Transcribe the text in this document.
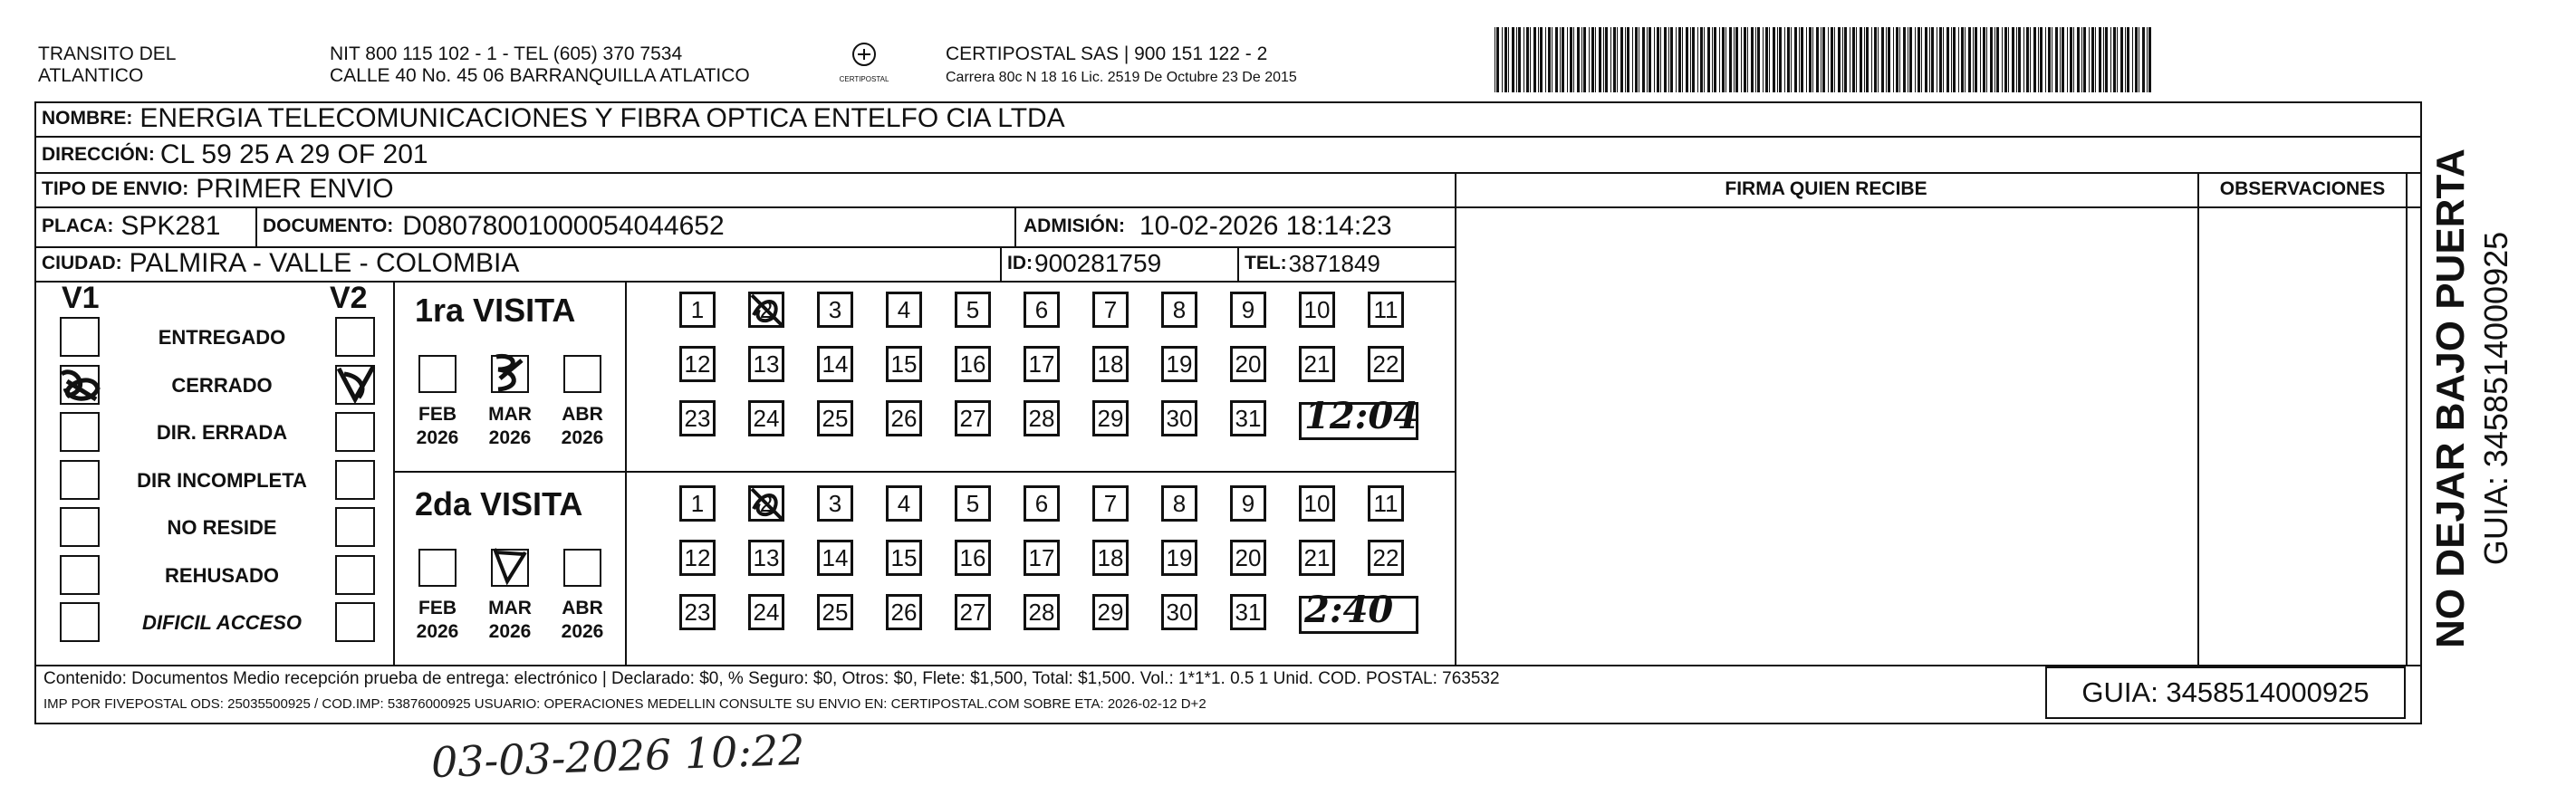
TRANSITO DEL
ATLANTICO
NIT 800 115 102 - 1 - TEL (605) 370 7534
CALLE 40 No. 45 06 BARRANQUILLA ATLATICO	CERTIPOSTAL
CERTIPOSTAL SAS | 900 151 122 - 2
Carrera 80c N 18 16 Lic. 2519 De Octubre 23 De 2015
NOMBRE: ENERGIA TELECOMUNICACIONES Y FIBRA OPTICA ENTELFO CIA LTDA
DIRECCIÓN: CL 59 25 A 29 OF 201
TIPO DE ENVIO: PRIMER ENVIO	FIRMA QUIEN RECIBE	OBSERVACIONES
PLACA: SPK281 DOCUMENTO: D08078001000054044652	ADMISIÓN: 10-02-2026 18:14:23
CIUDAD: PALMIRA - VALLE - COLOMBIA	ID: 900281759	TEL: 3871849
V1	V2
ENTREGADO
CERRADO
DIR. ERRADA
DIR INCOMPLETA
NO RESIDE
REHUSADO
DIFICIL ACCESO
1ra VISITA
FEB
2026
MAR
2026
ABR
2026
1	2	3	4	5	6	7	8	9	10 11
12 13 14 15 16 17 18 19 20 21 22
23 24 25 26 27 28 29 30 31 12:04
2da VISITA
FEB
2026
MAR
2026
ABR
2026
1	2	3	4	5	6	7	8	9	10 11
12 13 14 15 16 17 18 19 20 21 22
23 24 25 26 27 28 29 30 31 2:40
Contenido: Documentos Medio recepción prueba de entrega: electrónico | Declarado: $0, % Seguro: $0, Otros: $0, Flete: $1,500, Total: $1,500. Vol.: 1*1*1. 0.5 1 Unid. COD. POSTAL: 763532
IMP POR FIVEPOSTAL ODS: 25035500925 / COD.IMP: 53876000925 USUARIO: OPERACIONES MEDELLIN CONSULTE SU ENVIO EN: CERTIPOSTAL.COM SOBRE ETA: 2026-02-12 D+2	GUIA: 3458514000925
NO DEJAR BAJO PUERTA GUIA: 3458514000925
03-03-2026 10:22
